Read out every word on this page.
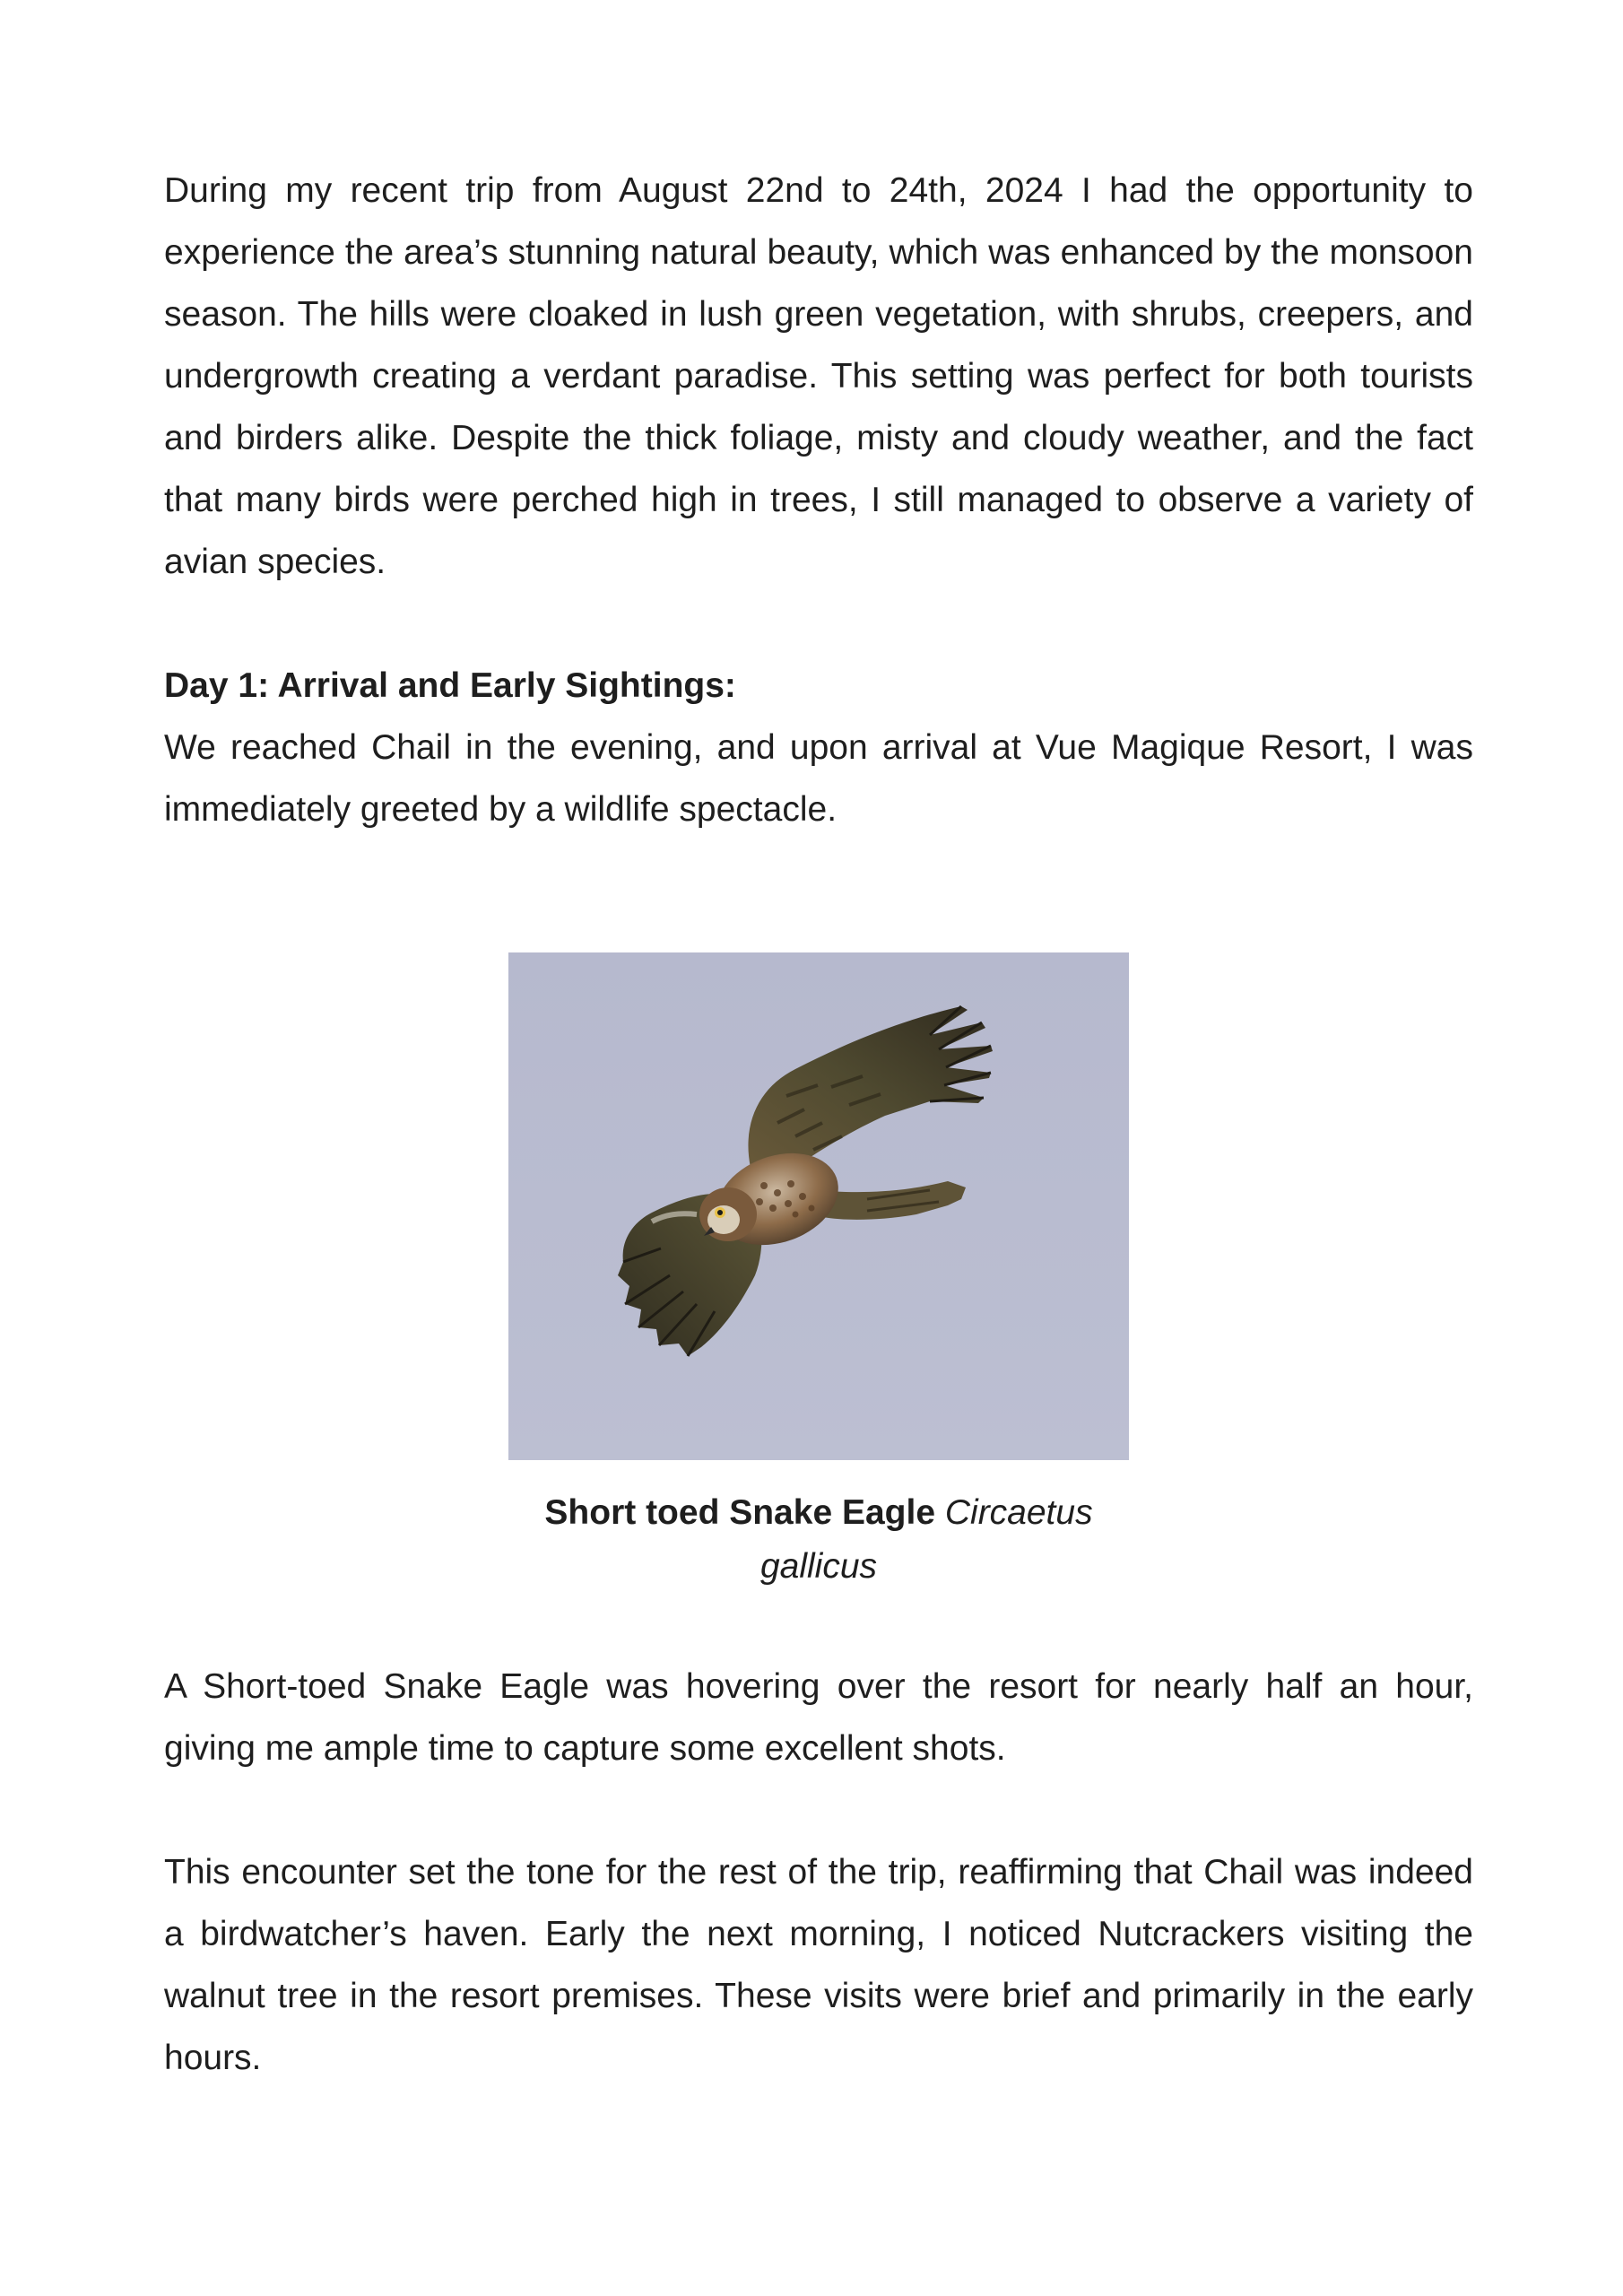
During my recent trip from August 22nd to 24th, 2024 I had the opportunity to experience the area’s stunning natural beauty, which was enhanced by the monsoon season. The hills were cloaked in lush green vegetation, with shrubs, creepers, and undergrowth creating a verdant paradise. This setting was perfect for both tourists and birders alike. Despite the thick foliage, misty and cloudy weather, and the fact that many birds were perched high in trees, I still managed to observe a variety of avian species.

Day 1: Arrival and Early Sightings:

We reached Chail in the evening, and upon arrival at Vue Magique Resort, I was immediately greeted by a wildlife spectacle.

Short toed Snake Eagle Circaetus gallicus

A Short-toed Snake Eagle was hovering over the resort for nearly half an hour, giving me ample time to capture some excellent shots.

This encounter set the tone for the rest of the trip, reaffirming that Chail was indeed a birdwatcher’s haven. Early the next morning, I noticed Nutcrackers visiting the walnut tree in the resort premises. These visits were brief and primarily in the early hours.
